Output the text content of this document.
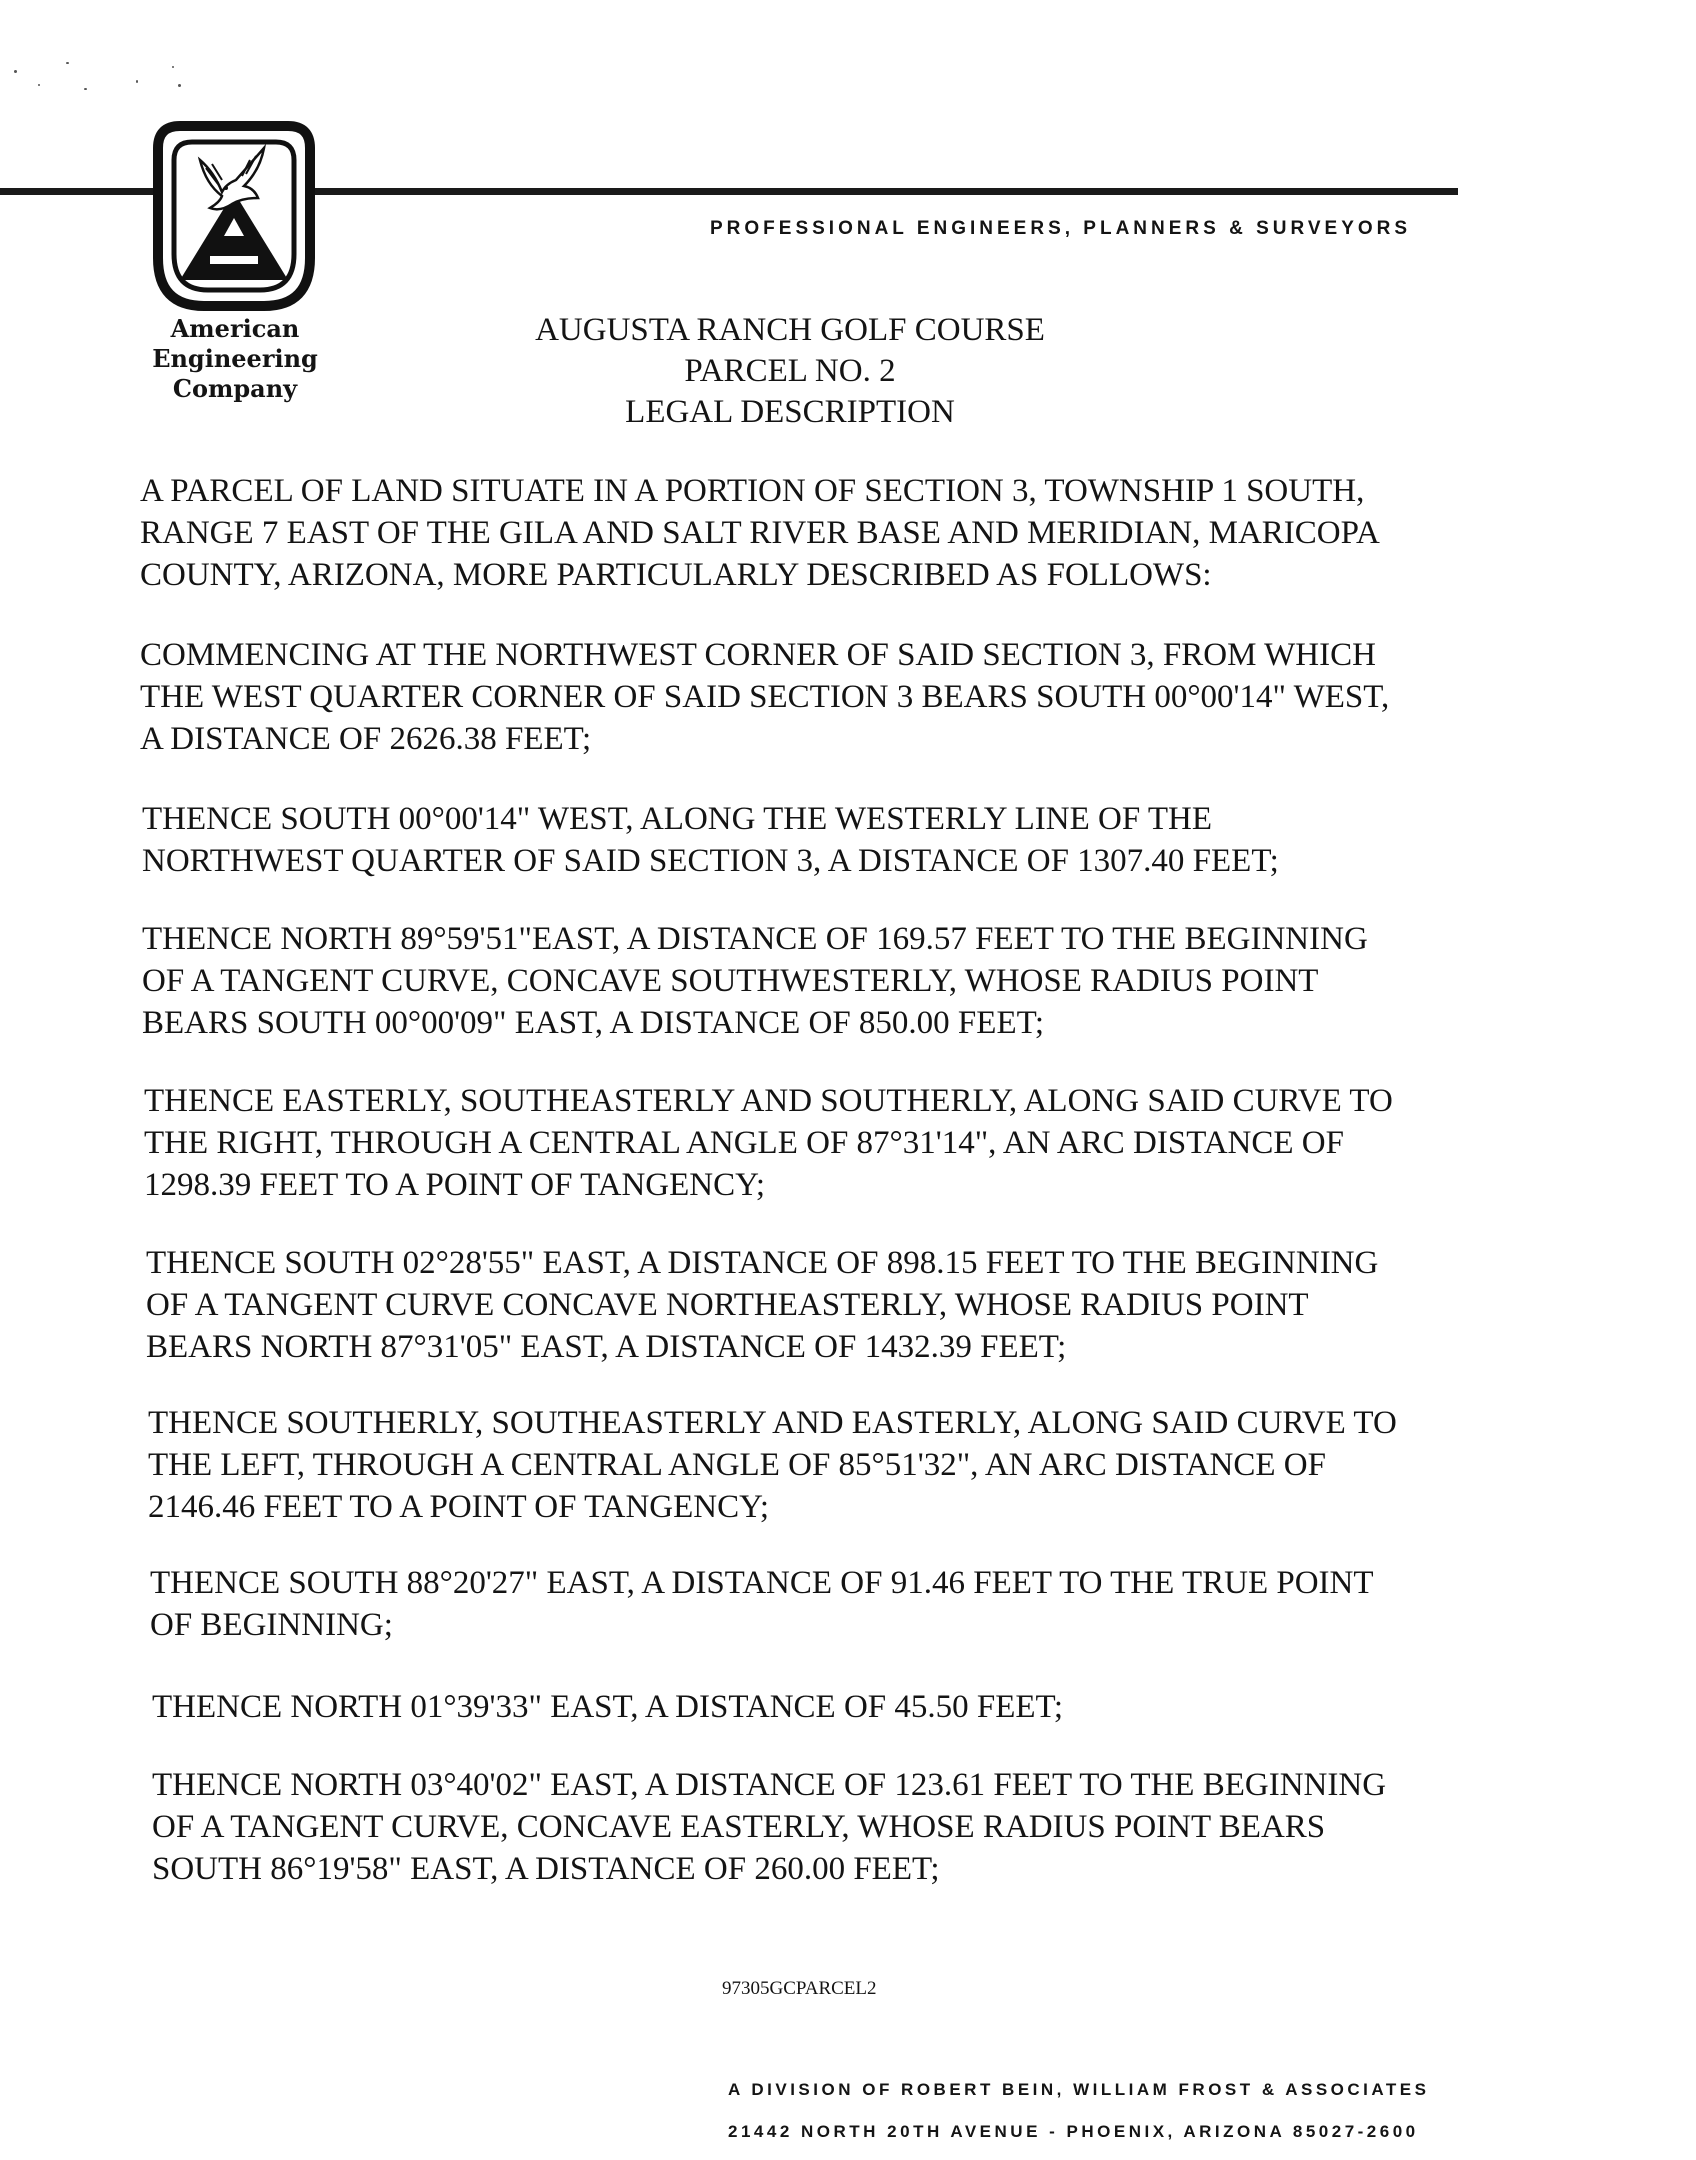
PROFESSIONAL ENGINEERS, PLANNERS & SURVEYORS
American
Engineering
Company
AUGUSTA RANCH GOLF COURSE
PARCEL NO. 2
LEGAL DESCRIPTION
A PARCEL OF LAND SITUATE IN A PORTION OF SECTION 3, TOWNSHIP 1 SOUTH,
RANGE 7 EAST OF THE GILA AND SALT RIVER BASE AND MERIDIAN, MARICOPA
COUNTY, ARIZONA, MORE PARTICULARLY DESCRIBED AS FOLLOWS:
COMMENCING AT THE NORTHWEST CORNER OF SAID SECTION 3, FROM WHICH
THE WEST QUARTER CORNER OF SAID SECTION 3 BEARS SOUTH 00°00'14" WEST,
A DISTANCE OF 2626.38 FEET;
THENCE SOUTH 00°00'14" WEST, ALONG THE WESTERLY LINE OF THE
NORTHWEST QUARTER OF SAID SECTION 3, A DISTANCE OF 1307.40 FEET;
THENCE NORTH 89°59'51"EAST, A DISTANCE OF 169.57 FEET TO THE BEGINNING
OF A TANGENT CURVE, CONCAVE SOUTHWESTERLY, WHOSE RADIUS POINT
BEARS SOUTH 00°00'09" EAST, A DISTANCE OF 850.00 FEET;
THENCE EASTERLY, SOUTHEASTERLY AND SOUTHERLY, ALONG SAID CURVE TO
THE RIGHT, THROUGH A CENTRAL ANGLE OF 87°31'14", AN ARC DISTANCE OF
1298.39 FEET TO A POINT OF TANGENCY;
THENCE SOUTH 02°28'55" EAST, A DISTANCE OF 898.15 FEET TO THE BEGINNING
OF A TANGENT CURVE CONCAVE NORTHEASTERLY, WHOSE RADIUS POINT
BEARS NORTH 87°31'05" EAST, A DISTANCE OF 1432.39 FEET;
THENCE SOUTHERLY, SOUTHEASTERLY AND EASTERLY, ALONG SAID CURVE TO
THE LEFT, THROUGH A CENTRAL ANGLE OF 85°51'32", AN ARC DISTANCE OF
2146.46 FEET TO A POINT OF TANGENCY;
THENCE SOUTH 88°20'27" EAST, A DISTANCE OF 91.46 FEET TO THE TRUE POINT
OF BEGINNING;
THENCE NORTH 01°39'33" EAST, A DISTANCE OF 45.50 FEET;
THENCE NORTH 03°40'02" EAST, A DISTANCE OF 123.61 FEET TO THE BEGINNING
OF A TANGENT CURVE, CONCAVE EASTERLY, WHOSE RADIUS POINT BEARS
SOUTH 86°19'58" EAST, A DISTANCE OF 260.00 FEET;
97305GCPARCEL2
A DIVISION OF ROBERT BEIN, WILLIAM FROST & ASSOCIATES
21442 NORTH 20TH AVENUE - PHOENIX, ARIZONA 85027-2600
